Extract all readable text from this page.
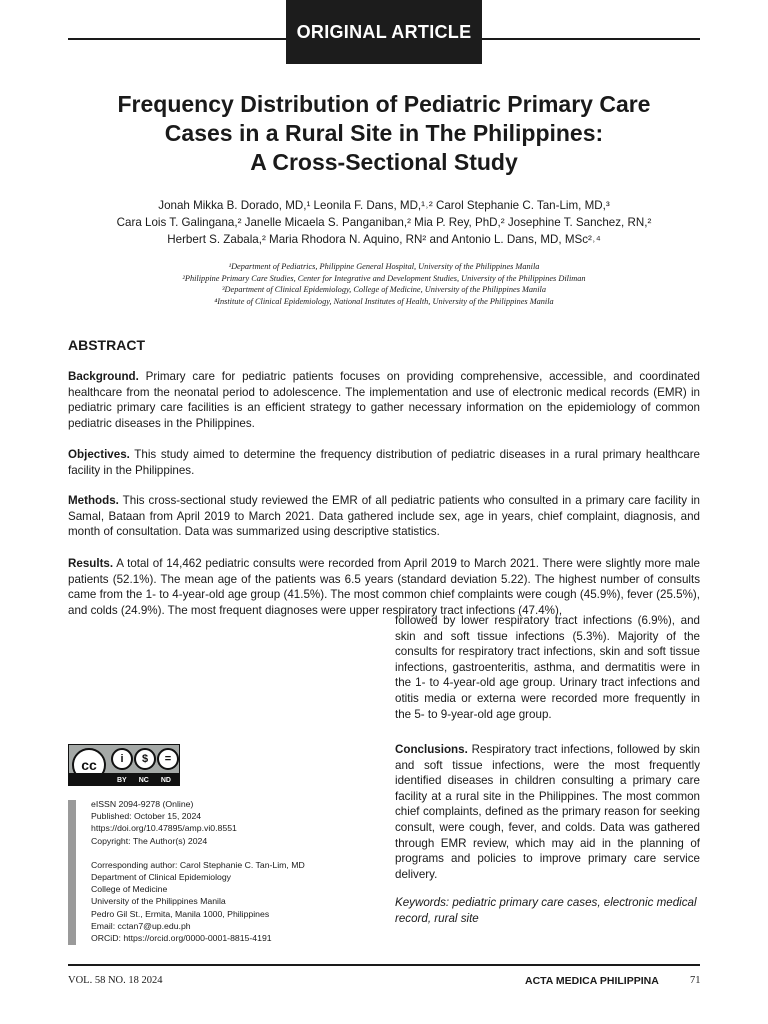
ORIGINAL ARTICLE
Frequency Distribution of Pediatric Primary Care
Cases in a Rural Site in The Philippines:
A Cross-Sectional Study
Jonah Mikka B. Dorado, MD,¹ Leonila F. Dans, MD,¹˒² Carol Stephanie C. Tan-Lim, MD,³
Cara Lois T. Galingana,² Janelle Micaela S. Panganiban,² Mia P. Rey, PhD,² Josephine T. Sanchez, RN,²
Herbert S. Zabala,² Maria Rhodora N. Aquino, RN² and Antonio L. Dans, MD, MSc²˒⁴
¹Department of Pediatrics, Philippine General Hospital, University of the Philippines Manila
²Philippine Primary Care Studies, Center for Integrative and Development Studies, University of the Philippines Diliman
³Department of Clinical Epidemiology, College of Medicine, University of the Philippines Manila
⁴Institute of Clinical Epidemiology, National Institutes of Health, University of the Philippines Manila
ABSTRACT

Background. Primary care for pediatric patients focuses on providing comprehensive, accessible, and coordinated healthcare from the neonatal period to adolescence. The implementation and use of electronic medical records (EMR) in pediatric primary care facilities is an efficient strategy to gather necessary information on the epidemiology of common pediatric diseases in the Philippines.

Objectives. This study aimed to determine the frequency distribution of pediatric diseases in a rural primary healthcare facility in the Philippines.

Methods. This cross-sectional study reviewed the EMR of all pediatric patients who consulted in a primary care facility in Samal, Bataan from April 2019 to March 2021. Data gathered include sex, age in years, chief complaint, diagnosis, and month of consultation. Data was summarized using descriptive statistics.

Results. A total of 14,462 pediatric consults were recorded from April 2019 to March 2021. There were slightly more male patients (52.1%). The mean age of the patients was 6.5 years (standard deviation 5.22). The highest number of consults came from the 1- to 4-year-old age group (41.5%). The most common chief complaints were cough (45.9%), fever (25.5%), and colds (24.9%). The most frequent diagnoses were upper respiratory tract infections (47.4%),

followed by lower respiratory tract infections (6.9%), and skin and soft tissue infections (5.3%). Majority of the consults for respiratory tract infections, skin and soft tissue infections, gastroenteritis, asthma, and dermatitis were in the 1- to 4-year-old age group. Urinary tract infections and otitis media or externa were recorded more frequently in the 5- to 9-year-old age group.
Conclusions. Respiratory tract infections, followed by skin and soft tissue infections, were the most frequently identified diseases in children consulting a primary care facility at a rural site in the Philippines. The most common chief complaints, defined as the primary reason for seeking consult, were cough, fever, and colds. Data was gathered through EMR review, which may aid in the planning of programs and policies to improve primary care service delivery.
Keywords: pediatric primary care cases, electronic medical record, rural site
cc	i	$	=
BY NC ND
eISSN 2094-9278 (Online)
Published: October 15, 2024
https://doi.org/10.47895/amp.vi0.8551
Copyright: The Author(s) 2024
Corresponding author: Carol Stephanie C. Tan-Lim, MD
Department of Clinical Epidemiology
College of Medicine
University of the Philippines Manila
Pedro Gil St., Ermita, Manila 1000, Philippines
Email: cctan7@up.edu.ph
ORCiD: https://orcid.org/0000-0001-8815-4191
VOL. 58 NO. 18 2024	ACTA MEDICA PHILIPPINA	71
